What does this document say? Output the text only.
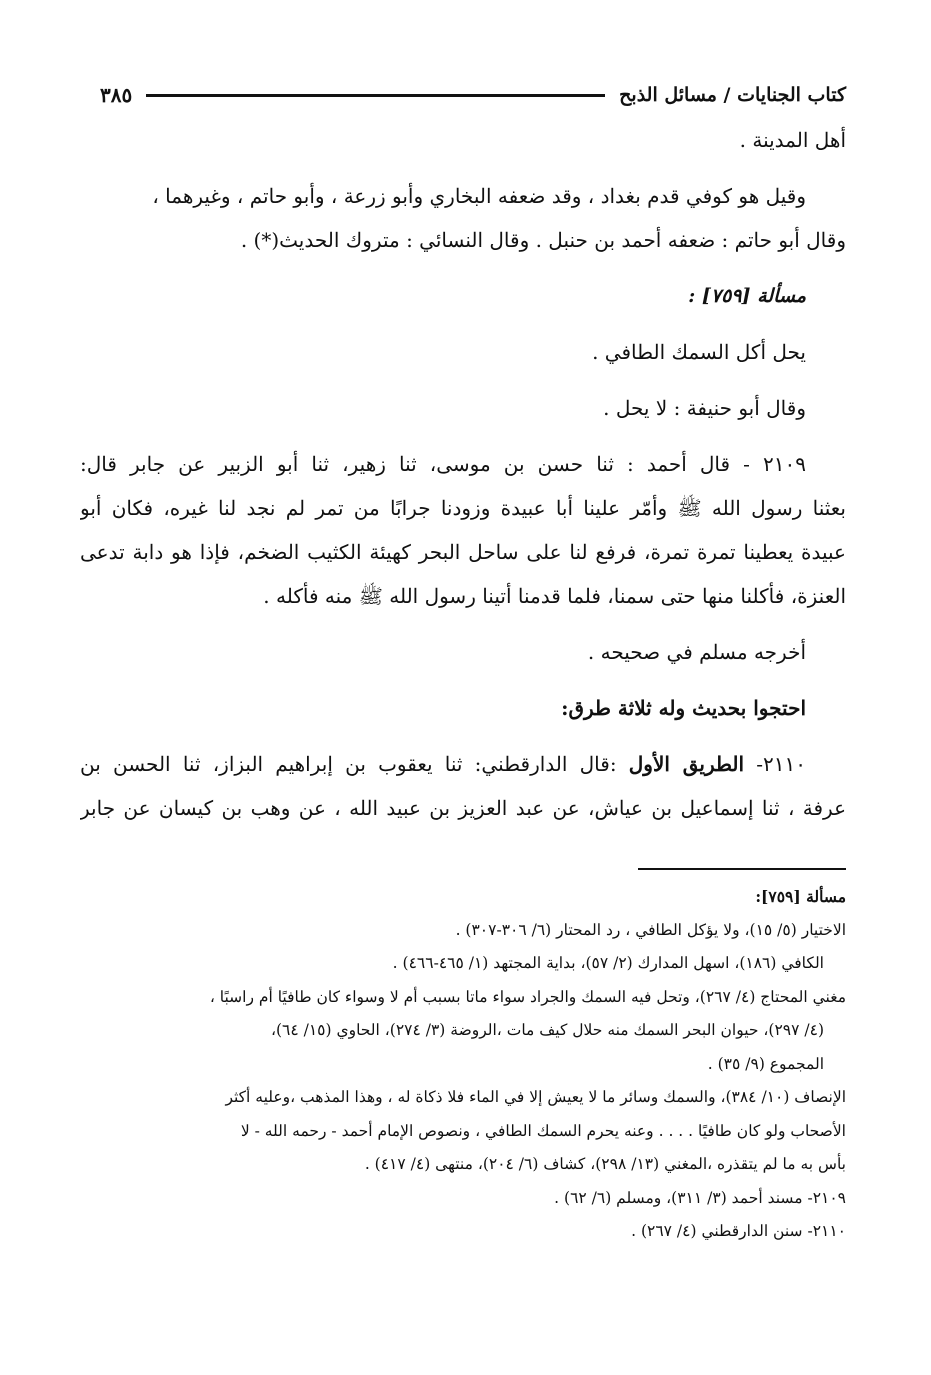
كتاب الجنايات / مسائل الذبح
٣٨٥
أهل المدينة .
وقيل هو كوفي قدم بغداد ، وقد ضعفه البخاري وأبو زرعة ، وأبو حاتم ، وغيرهما ،
وقال أبو حاتم : ضعفه أحمد بن حنبل . وقال النسائي : متروك الحديث(*) .
مسألة [٧٥٩] :
يحل أكل السمك الطافي .
وقال أبو حنيفة : لا يحل .
٢١٠٩ - قال أحمد : ثنا حسن بن موسى، ثنا زهير، ثنا أبو الزبير عن جابر قال:
بعثنا رسول الله ﷺ وأمّر علينا أبا عبيدة وزودنا جرابًا من تمر لم نجد لنا غيره، فكان أبو
عبيدة يعطينا تمرة تمرة، فرفع لنا على ساحل البحر كهيئة الكثيب الضخم، فإذا هو دابة تدعى
العنزة، فأكلنا منها حتى سمنا، فلما قدمنا أتينا رسول الله ﷺ منه فأكله .
أخرجه مسلم في صحيحه .
احتجوا بحديث وله ثلاثة طرق:
٢١١٠- الطريق الأول :قال الدارقطني: ثنا يعقوب بن إبراهيم البزاز، ثنا الحسن بن
عرفة ، ثنا إسماعيل بن عياش، عن عبد العزيز بن عبيد الله ، عن وهب بن كيسان عن جابر
مسألة [٧٥٩]:
الاختيار (٥/ ١٥)، ولا يؤكل الطافي ، رد المحتار (٦/ ٣٠٦-٣٠٧) .
الكافي (١٨٦)، اسهل المدارك (٢/ ٥٧)، بداية المجتهد (١/ ٤٦٥-٤٦٦) .
مغني المحتاج (٤/ ٢٦٧)، وتحل فيه السمك والجراد سواء ماتا بسبب أم لا وسواء كان طافيًا أم راسبًا ،
(٤/ ٢٩٧)، حيوان البحر السمك منه حلال كيف مات ،الروضة (٣/ ٢٧٤)، الحاوي (١٥/ ٦٤)،
المجموع (٩/ ٣٥) .
الإنصاف (١٠/ ٣٨٤)، والسمك وسائر ما لا يعيش إلا في الماء فلا ذكاة له ، وهذا المذهب ،وعليه أكثر
الأصحاب ولو كان طافيًا . . . . وعنه يحرم السمك الطافي ، ونصوص الإمام أحمد - رحمه الله - لا
بأس به ما لم يتقذره ،المغني (١٣/ ٢٩٨)، كشاف (٦/ ٢٠٤)، منتهى (٤/ ٤١٧) .
٢١٠٩- مسند أحمد (٣/ ٣١١)، ومسلم (٦/ ٦٢) .
٢١١٠- سنن الدارقطني (٤/ ٢٦٧) .
